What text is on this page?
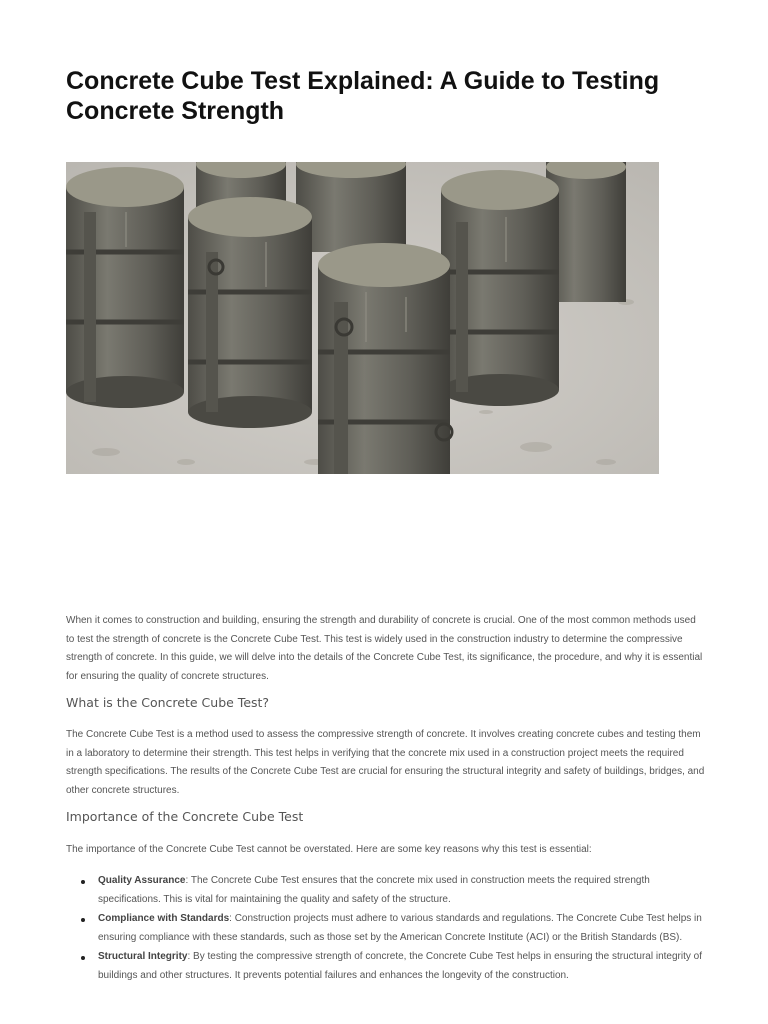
Concrete Cube Test Explained: A Guide to Testing Concrete Strength

When it comes to construction and building, ensuring the strength and durability of concrete is crucial. One of the most common methods used to test the strength of concrete is the Concrete Cube Test. This test is widely used in the construction industry to determine the compressive strength of concrete. In this guide, we will delve into the details of the Concrete Cube Test, its significance, the procedure, and why it is essential for ensuring the quality of concrete structures.

What is the Concrete Cube Test?

The Concrete Cube Test is a method used to assess the compressive strength of concrete. It involves creating concrete cubes and testing them in a laboratory to determine their strength. This test helps in verifying that the concrete mix used in a construction project meets the required strength specifications. The results of the Concrete Cube Test are crucial for ensuring the structural integrity and safety of buildings, bridges, and other concrete structures.

Importance of the Concrete Cube Test

The importance of the Concrete Cube Test cannot be overstated. Here are some key reasons why this test is essential:

Quality Assurance: The Concrete Cube Test ensures that the concrete mix used in construction meets the required strength specifications. This is vital for maintaining the quality and safety of the structure.
Compliance with Standards: Construction projects must adhere to various standards and regulations. The Concrete Cube Test helps in ensuring compliance with these standards, such as those set by the American Concrete Institute (ACI) or the British Standards (BS).
Structural Integrity: By testing the compressive strength of concrete, the Concrete Cube Test helps in ensuring the structural integrity of buildings and other structures. It prevents potential failures and enhances the longevity of the construction.
